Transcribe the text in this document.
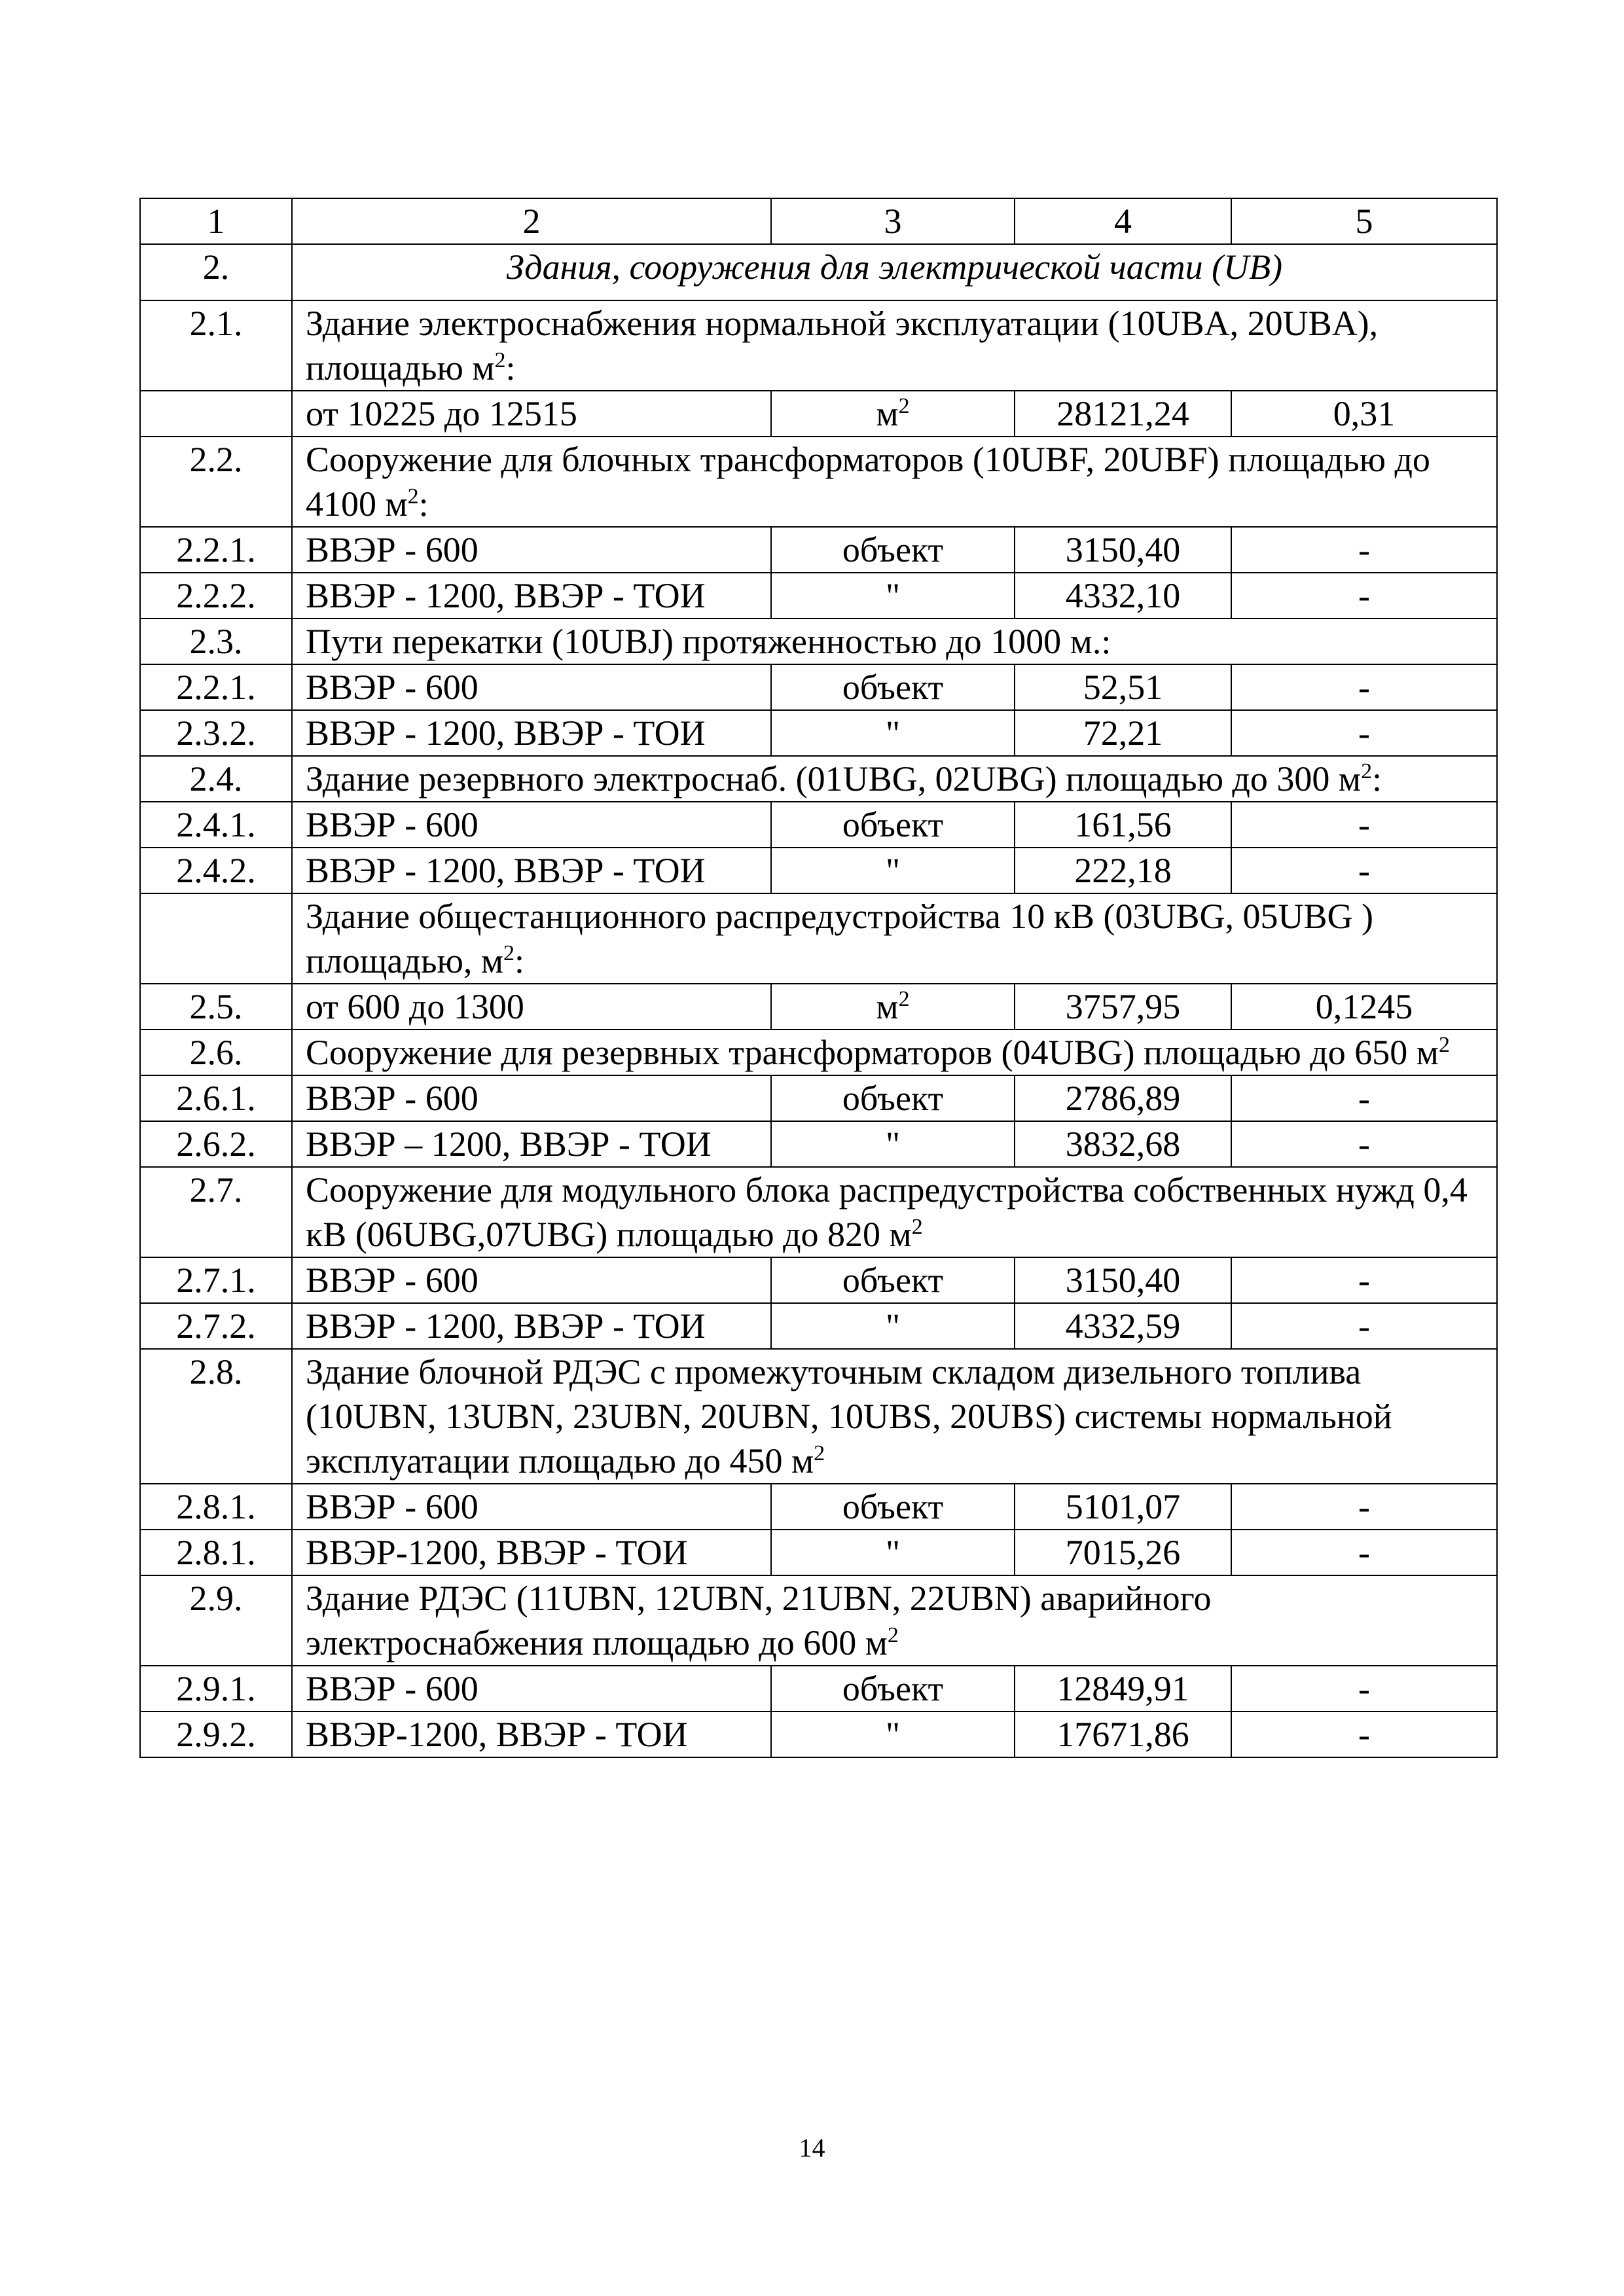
1	2	3	4	5
2.	Здания, сооружения для электрической части (UB)			
2.1.	Здание электроснабжения нормальной эксплуатации (10UBA, 20UBA), площадью $м^2$:			
	от 10225 до 12515	$м^2$	28121,24	0,31
2.2.	Сооружение для блочных трансформаторов (10UBF, 20UBF) площадью до 4100 $м^2$:			
2.2.1.	ВВЭР - 600	объект	3150,40	-
2.2.2.	ВВЭР - 1200, ВВЭР - ТОИ	"	4332,10	-
2.3.	Пути перекатки (10UBJ) протяженностью до 1000 м.:			
2.2.1.	ВВЭР - 600	объект	52,51	-
2.3.2.	ВВЭР - 1200, ВВЭР - ТОИ	"	72,21	-
2.4.	Здание резервного электроснаб. (01UBG, 02UBG) площадью до 300 $м^2$:			
2.4.1.	ВВЭР - 600	объект	161,56	-
2.4.2.	ВВЭР - 1200, ВВЭР - ТОИ	"	222,18	-
	Здание общестанционного распредустройства 10 кВ (03UBG, 05UBG ) площадью, $м^2$:			
2.5.	от 600 до 1300	$м^2$	3757,95	0,1245
2.6.	Сооружение для резервных трансформаторов (04UBG) площадью до 650 $м^2$
2.6.1.	ВВЭР - 600	объект	2786,89	-
2.6.2.	ВВЭР – 1200, ВВЭР - ТОИ	"	3832,68	-
2.7.	Сооружение для модульного блока распредустройства собственных нужд 0,4 кВ (06UBG,07UBG) площадью до 820 $м^2$
2.7.1.	ВВЭР - 600	объект	3150,40	-
2.7.2.	ВВЭР - 1200, ВВЭР - ТОИ	"	4332,59	-
2.8.	Здание блочной РДЭС с промежуточным складом дизельного топлива (10UBN, 13UBN, 23UBN, 20UBN, 10UBS, 20UBS) системы нормальной эксплуатации площадью до 450 $м^2$
2.8.1.	ВВЭР - 600	объект	5101,07	-
2.8.1.	ВВЭР-1200, ВВЭР - ТОИ	"	7015,26	-
2.9.	Здание РДЭС (11UBN, 12UBN, 21UBN, 22UBN) аварийного электроснабжения площадью до 600 $м^2$
2.9.1.	ВВЭР - 600	объект	12849,91	-
2.9.2.	ВВЭР-1200, ВВЭР - ТОИ	"	17671,86	-
14
